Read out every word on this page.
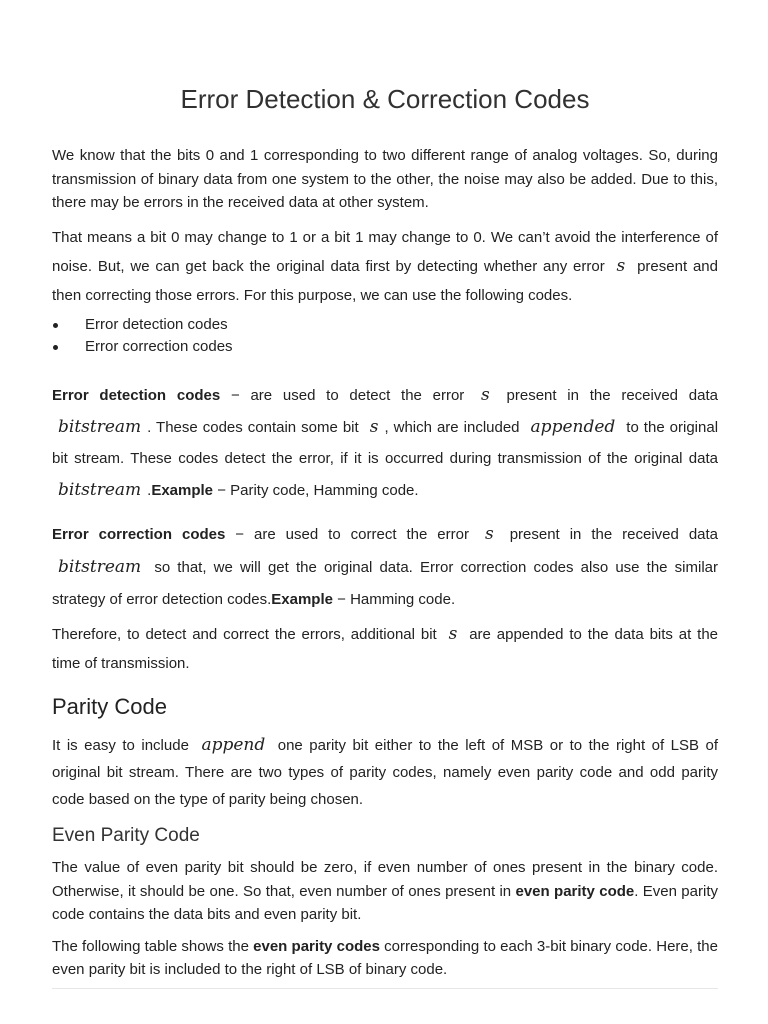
Error Detection & Correction Codes

We know that the bits 0 and 1 corresponding to two different range of analog voltages. So, during transmission of binary data from one system to the other, the noise may also be added. Due to this, there may be errors in the received data at other system.

That means a bit 0 may change to 1 or a bit 1 may change to 0. We can’t avoid the interference of noise. But, we can get back the original data first by detecting whether any error s present and then correcting those errors. For this purpose, we can use the following codes.

Error detection codes
Error correction codes

Error detection codes − are used to detect the error s present in the received data bitstream . These codes contain some bit s , which are included appended to the original bit stream. These codes detect the error, if it is occurred during transmission of the original data bitstream .Example − Parity code, Hamming code.

Error correction codes − are used to correct the error s present in the received data bitstream so that, we will get the original data. Error correction codes also use the similar strategy of error detection codes.Example − Hamming code.

Therefore, to detect and correct the errors, additional bit s are appended to the data bits at the time of transmission.

Parity Code

It is easy to include append one parity bit either to the left of MSB or to the right of LSB of original bit stream. There are two types of parity codes, namely even parity code and odd parity code based on the type of parity being chosen.

Even Parity Code

The value of even parity bit should be zero, if even number of ones present in the binary code. Otherwise, it should be one. So that, even number of ones present in even parity code. Even parity code contains the data bits and even parity bit.

The following table shows the even parity codes corresponding to each 3-bit binary code. Here, the even parity bit is included to the right of LSB of binary code.
